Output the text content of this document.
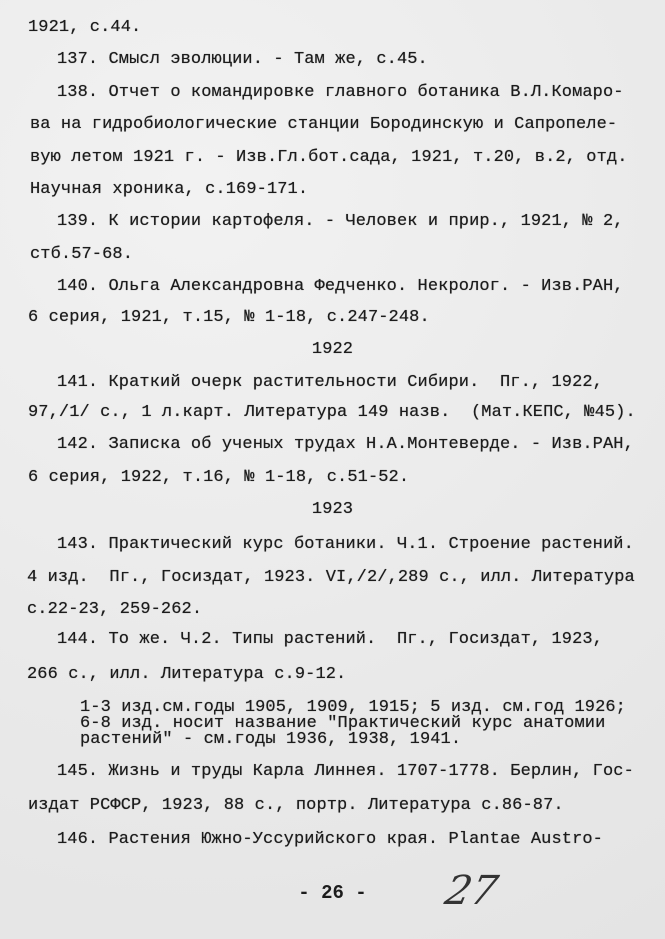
1921, с.44.
137. Смысл эволюции. - Там же, с.45.
138. Отчет о командировке главного ботаника В.Л.Комаро-
ва на гидробиологические станции Бородинскую и Сапропеле-
вую летом 1921 г. - Изв.Гл.бот.сада, 1921, т.20, в.2, отд.
Научная хроника, с.169-171.
139. К истории картофеля. - Человек и прир., 1921, № 2,
стб.57-68.
140. Ольга Александровна Федченко. Некролог. - Изв.РАН,
6 серия, 1921, т.15, № 1-18, с.247-248.
1922
141. Краткий очерк растительности Сибири.  Пг., 1922,
97,/1/ с., 1 л.карт. Литература 149 назв.  (Мат.КЕПС, №45).
142. Записка об ученых трудах Н.А.Монтеверде. - Изв.РАН,
6 серия, 1922, т.16, № 1-18, с.51-52.
1923
143. Практический курс ботаники. Ч.1. Строение растений.
4 изд.  Пг., Госиздат, 1923. VI,/2/,289 с., илл. Литература
с.22-23, 259-262.
144. То же. Ч.2. Типы растений.  Пг., Госиздат, 1923,
266 с., илл. Литература с.9-12.
1-3 изд.см.годы 1905, 1909, 1915; 5 изд. см.год 1926;
6-8 изд. носит название "Практический курс анатомии
растений" - см.годы 1936, 1938, 1941.
145. Жизнь и труды Карла Линнея. 1707-1778. Берлин, Гос-
издат РСФСР, 1923, 88 с., портр. Литература с.86-87.
146. Растения Южно-Уссурийского края. Plantae Austro-
- 26 -	27
